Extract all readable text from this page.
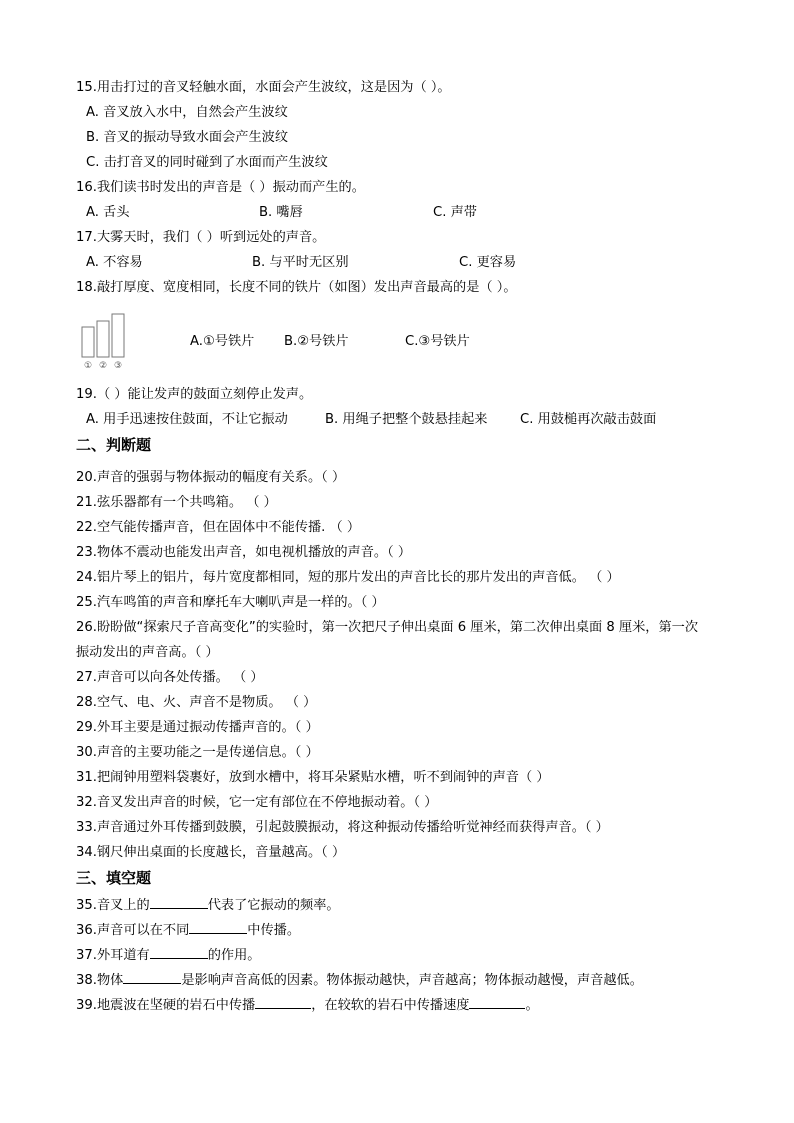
15.用击打过的音叉轻触水面，水面会产生波纹，这是因为（ ）。
A. 音叉放入水中，自然会产生波纹
B. 音叉的振动导致水面会产生波纹
C. 击打音叉的同时碰到了水面而产生波纹
16.我们读书时发出的声音是（ ）振动而产生的。
A. 舌头	B. 嘴唇	C. 声带
17.大雾天时，我们（ ）听到远处的声音。
A. 不容易	B. 与平时无区别	C. 更容易
18.敲打厚度、宽度相同，长度不同的铁片（如图）发出声音最高的是（ ）。
① ② ③
A.①号铁片 B.②号铁片	C.③号铁片
19.（ ）能让发声的鼓面立刻停止发声。
A. 用手迅速按住鼓面，不让它振动	B. 用绳子把整个鼓悬挂起来 C. 用鼓槌再次敲击鼓面
二、判断题
20.声音的强弱与物体振动的幅度有关系。（ ）
21.弦乐器都有一个共鸣箱。 （ ）
22.空气能传播声音，但在固体中不能传播. （ ）
23.物体不震动也能发出声音，如电视机播放的声音。（ ）
24.铝片琴上的铝片，每片宽度都相同，短的那片发出的声音比长的那片发出的声音低。 （ ）
25.汽车鸣笛的声音和摩托车大喇叭声是一样的。（ ）
26.盼盼做“探索尺子音高变化”的实验时，第一次把尺子伸出桌面 6 厘米，第二次伸出桌面 8 厘米，第一次
振动发出的声音高。（ ）
27.声音可以向各处传播。 （ ）
28.空气、电、火、声音不是物质。 （ ）
29.外耳主要是通过振动传播声音的。（ ）
30.声音的主要功能之一是传递信息。（ ）
31.把闹钟用塑料袋裹好，放到水槽中，将耳朵紧贴水槽，听不到闹钟的声音（ ）
32.音叉发出声音的时候，它一定有部位在不停地振动着。（ ）
33.声音通过外耳传播到鼓膜，引起鼓膜振动，将这种振动传播给听觉神经而获得声音。（ ）
34.钢尺伸出桌面的长度越长，音量越高。（ ）
三、填空题
35.音叉上的	代表了它振动的频率。
36.声音可以在不同	中传播。
37.外耳道有	的作用。
38.物体	是影响声音高低的因素。物体振动越快，声音越高；物体振动越慢，声音越低。
39.地震波在坚硬的岩石中传播	，在较软的岩石中传播速度	。
